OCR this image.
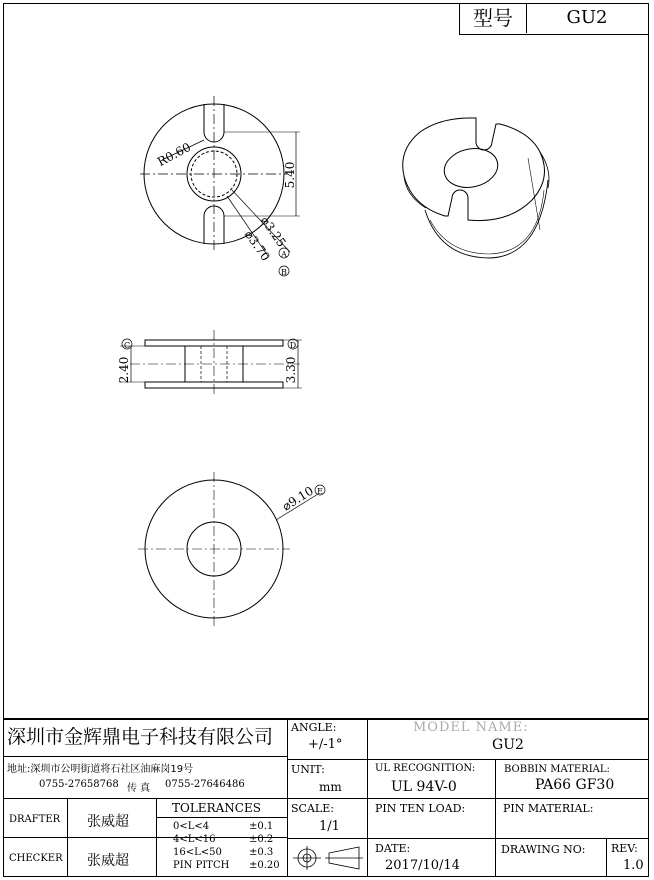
型号	GU2
R0.60
5.40
⌀3.25
A
⌀3.70
B
2.40
C
3.30
D
⌀9.10 E
深圳市金辉鼎电子科技有限公司
地址:深圳市公明街道将石社区油麻岗19号
0755-27658768 传 真 0755-27646486
ANGLE:
+/-1°
MODEL NAME:
GU2
UNIT:
mm
UL RECOGNITION:
UL 94V-0
BOBBIN MATERIAL:
PA66 GF30
DRAFTER 张威超
CHECKER 张威超
TOLERANCES
0<L<4
4<L<16
16<L<50
PIN PITCH
±0.1
±0.2
±0.3
±0.20
SCALE:
1/1
PIN TEN LOAD:	PIN MATERIAL:
DATE:
2017/10/14
DRAWING NO: REV:
1.0
